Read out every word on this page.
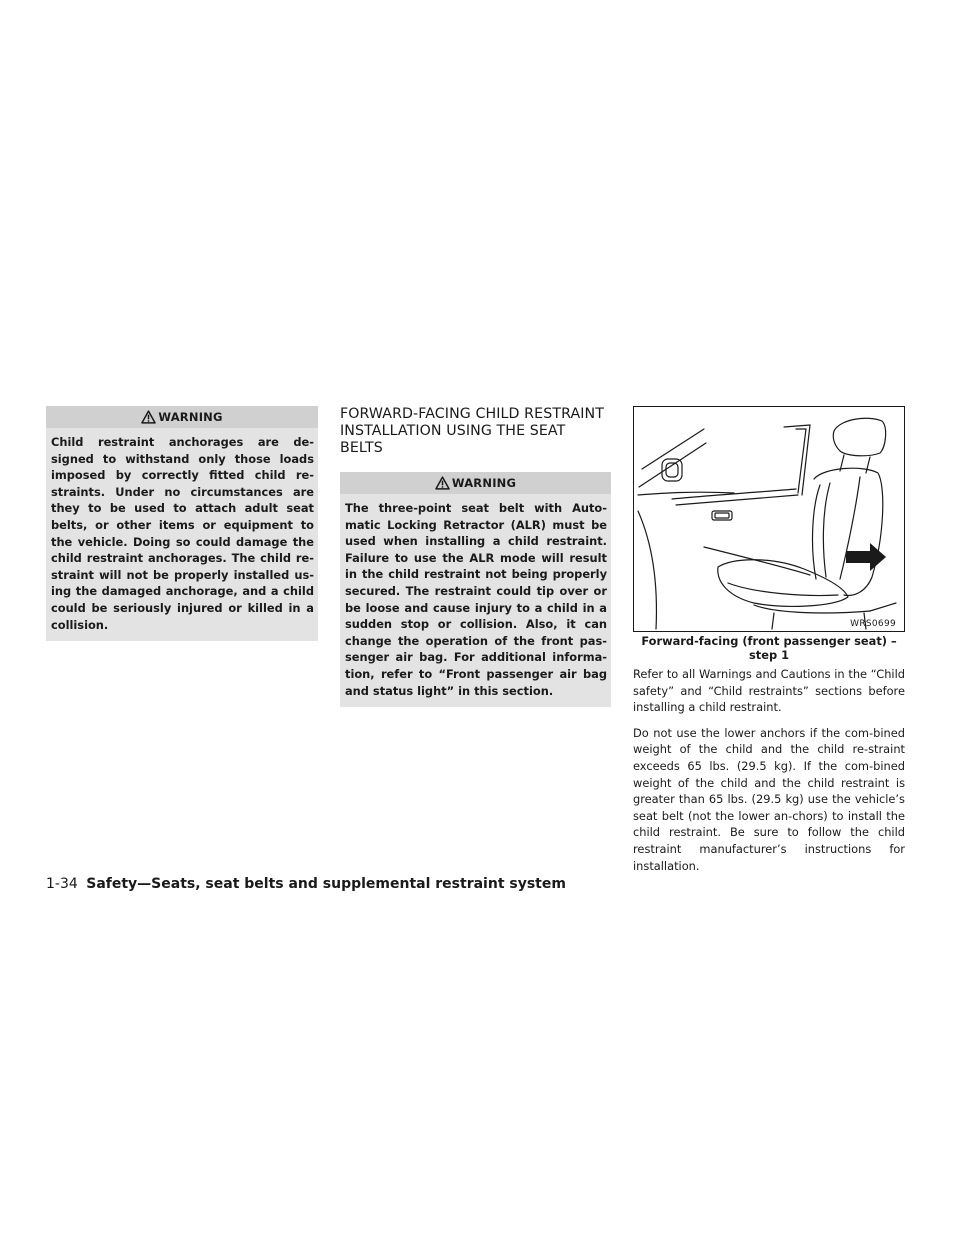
WARNING
Child restraint anchorages are de-signed to withstand only those loads imposed by correctly fitted child re-straints. Under no circumstances are they to be used to attach adult seat belts, or other items or equipment to the vehicle. Doing so could damage the child restraint anchorages. The child re-straint will not be properly installed us-ing the damaged anchorage, and a child could be seriously injured or killed in a collision.
FORWARD-FACING CHILD RESTRAINT INSTALLATION USING THE SEAT BELTS
WARNING
The three-point seat belt with Auto-matic Locking Retractor (ALR) must be used when installing a child restraint. Failure to use the ALR mode will result in the child restraint not being properly secured. The restraint could tip over or be loose and cause injury to a child in a sudden stop or collision. Also, it can change the operation of the front pas-senger air bag. For additional informa-tion, refer to “Front passenger air bag and status light” in this section.
WRS0699
Forward-facing (front passenger seat) – step 1

Refer to all Warnings and Cautions in the “Child safety” and “Child restraints” sections before installing a child restraint.

Do not use the lower anchors if the com-bined weight of the child and the child re-straint exceeds 65 lbs. (29.5 kg). If the com-bined weight of the child and the child restraint is greater than 65 lbs. (29.5 kg) use the vehicle’s seat belt (not the lower an-chors) to install the child restraint. Be sure to follow the child restraint manufacturer’s instructions for installation.

1-34 Safety—Seats, seat belts and supplemental restraint system
